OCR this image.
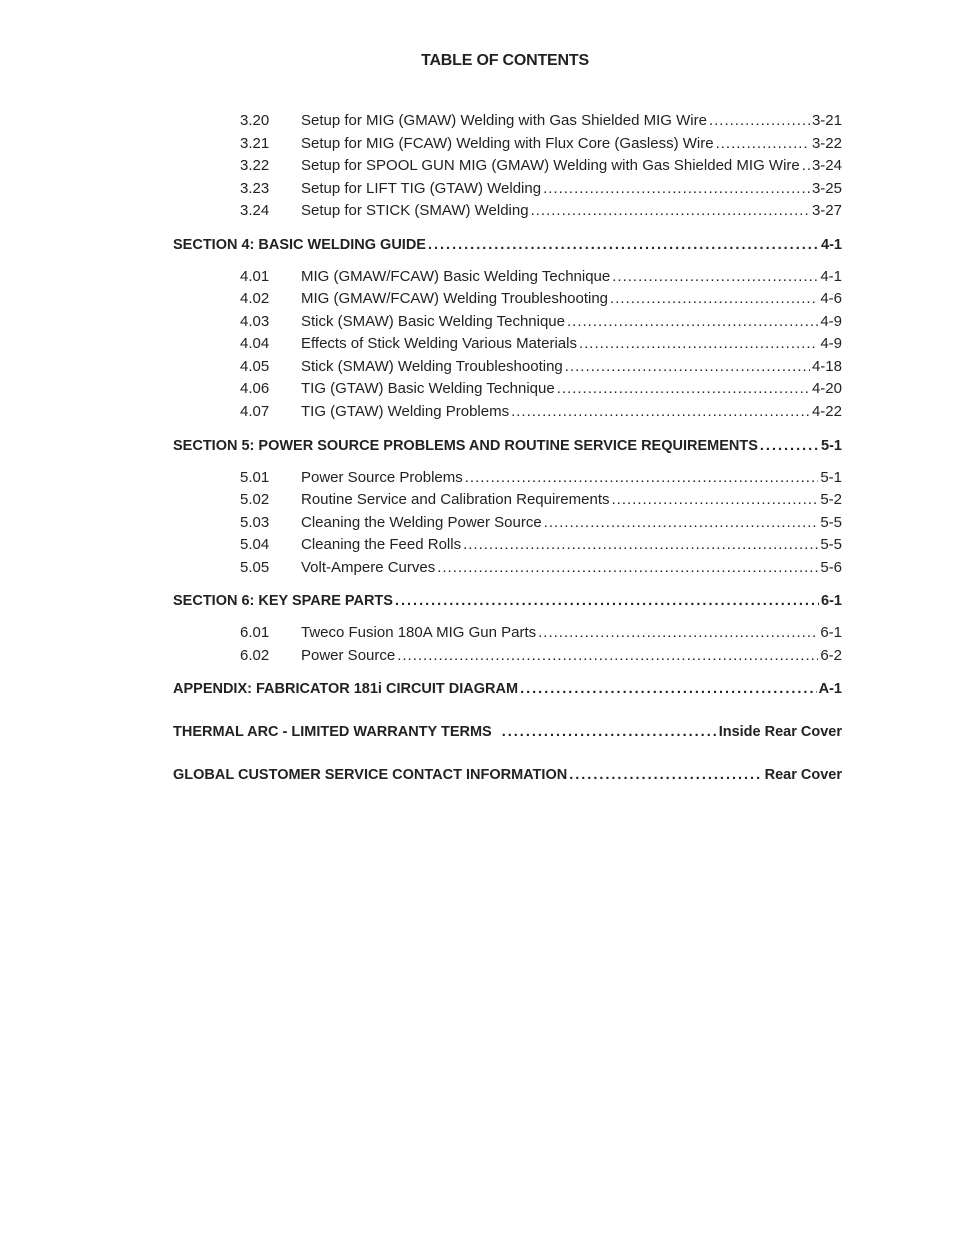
TABLE OF CONTENTS
3.20	Setup for MIG (GMAW) Welding with Gas Shielded MIG Wire .....	3-21
3.21	Setup for MIG (FCAW) Welding with Flux Core (Gasless) Wire .....	3-22
3.22	Setup for SPOOL GUN MIG (GMAW) Welding with Gas Shielded MIG Wire ..... 3-24
3.23	Setup for LIFT TIG (GTAW) Welding .....	3-25
3.24	Setup for STICK (SMAW) Welding .....	3-27
SECTION 4: BASIC WELDING GUIDE .....	4-1
4.01	MIG (GMAW/FCAW) Basic Welding Technique .....	4-1
4.02	MIG (GMAW/FCAW) Welding Troubleshooting .....	4-6
4.03	Stick (SMAW) Basic Welding Technique .....	4-9
4.04	Effects of Stick Welding Various Materials .....	4-9
4.05	Stick (SMAW) Welding Troubleshooting .....	4-18
4.06	TIG (GTAW) Basic Welding Technique .....	4-20
4.07	TIG (GTAW) Welding Problems .....	4-22
SECTION 5: POWER SOURCE PROBLEMS AND ROUTINE SERVICE REQUIREMENTS .....	5-1
5.01	Power Source Problems .....	5-1
5.02	Routine Service and Calibration Requirements .....	5-2
5.03	Cleaning the Welding Power Source .....	5-5
5.04	Cleaning the Feed Rolls .....	5-5
5.05	Volt-Ampere Curves .....	5-6
SECTION 6: KEY SPARE PARTS .....	6-1
6.01	Tweco Fusion 180A MIG Gun Parts .....	6-1
6.02	Power Source .....	6-2
APPENDIX: FABRICATOR 181i CIRCUIT DIAGRAM .....	A-1
THERMAL ARC - LIMITED WARRANTY TERMS .....	Inside Rear Cover
GLOBAL CUSTOMER SERVICE CONTACT INFORMATION .....	Rear Cover
